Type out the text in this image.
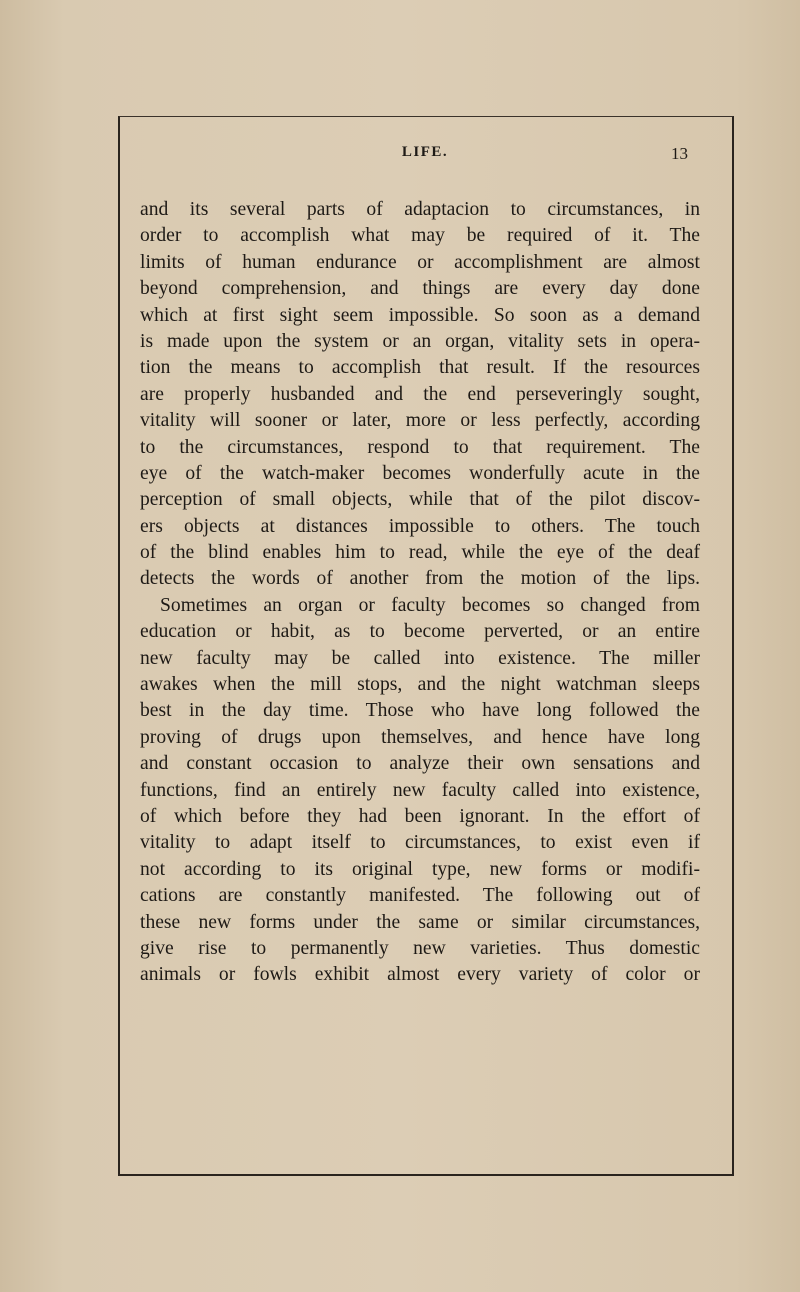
LIFE.	13
and its several parts of adaptacion to circumstances, in
order to accomplish what may be required of it. The
limits of human endurance or accomplishment are almost
beyond comprehension, and things are every day done
which at first sight seem impossible. So soon as a demand
is made upon the system or an organ, vitality sets in opera-
tion the means to accomplish that result. If the resources
are properly husbanded and the end perseveringly sought,
vitality will sooner or later, more or less perfectly, according
to the circumstances, respond to that requirement. The
eye of the watch-maker becomes wonderfully acute in the
perception of small objects, while that of the pilot discov-
ers objects at distances impossible to others. The touch
of the blind enables him to read, while the eye of the deaf
detects the words of another from the motion of the lips.
Sometimes an organ or faculty becomes so changed from
education or habit, as to become perverted, or an entire
new faculty may be called into existence. The miller
awakes when the mill stops, and the night watchman sleeps
best in the day time. Those who have long followed the
proving of drugs upon themselves, and hence have long
and constant occasion to analyze their own sensations and
functions, find an entirely new faculty called into existence,
of which before they had been ignorant. In the effort of
vitality to adapt itself to circumstances, to exist even if
not according to its original type, new forms or modifi-
cations are constantly manifested. The following out of
these new forms under the same or similar circumstances,
give rise to permanently new varieties. Thus domestic
animals or fowls exhibit almost every variety of color or
